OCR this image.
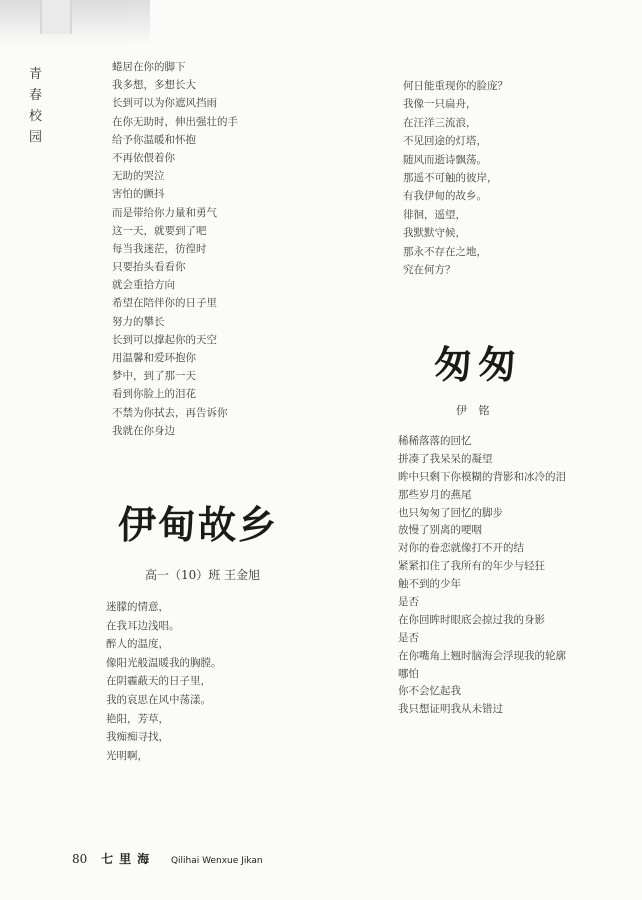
青
春
校
园
蜷居在你的脚下
我多想，多想长大
长到可以为你遮风挡雨
在你无助时，伸出强壮的手
给予你温暖和怀抱
不再依偎着你
无助的哭泣
害怕的颤抖
而是带给你力量和勇气
这一天，就要到了吧
每当我迷茫，彷徨时
只要抬头看看你
就会重拾方向
希望在陪伴你的日子里
努力的攀长
长到可以撑起你的天空
用温馨和爱环抱你
梦中，到了那一天
看到你脸上的泪花
不禁为你拭去，再告诉你
我就在你身边
何日能重现你的脸庞？
我像一只扁舟，
在汪洋三流浪，
不见回途的灯塔，
随风而逝诗飘荡。
那遥不可触的彼岸，
有我伊甸的故乡。
徘徊，遥望，
我默默守候，
那永不存在之地，
究在何方？
伊甸故乡
高一（10）班 王金旭
迷朦的情意，
在我耳边浅唱。
醉人的温度，
像阳光般温暖我的胸膛。
在阴霾蔽天的日子里，
我的哀思在风中荡漾。
艳阳，芳草，
我痴痴寻找，
光明啊，
匆匆
伊 铭
稀稀落落的回忆
拼凑了我呆呆的凝望
眸中只剩下你模糊的背影和冰冷的泪
那些岁月的燕尾
也只匆匆了回忆的脚步
放慢了别离的哽咽
对你的眷恋就像打不开的结
紧紧扣住了我所有的年少与轻狂
触不到的少年
是否
在你回眸时眼底会掠过我的身影
是否
在你嘴角上翘时脑海会浮现我的轮廓
哪怕
你不会忆起我
我只想证明我从未错过
80 七里海 Qilihai Wenxue Jikan
